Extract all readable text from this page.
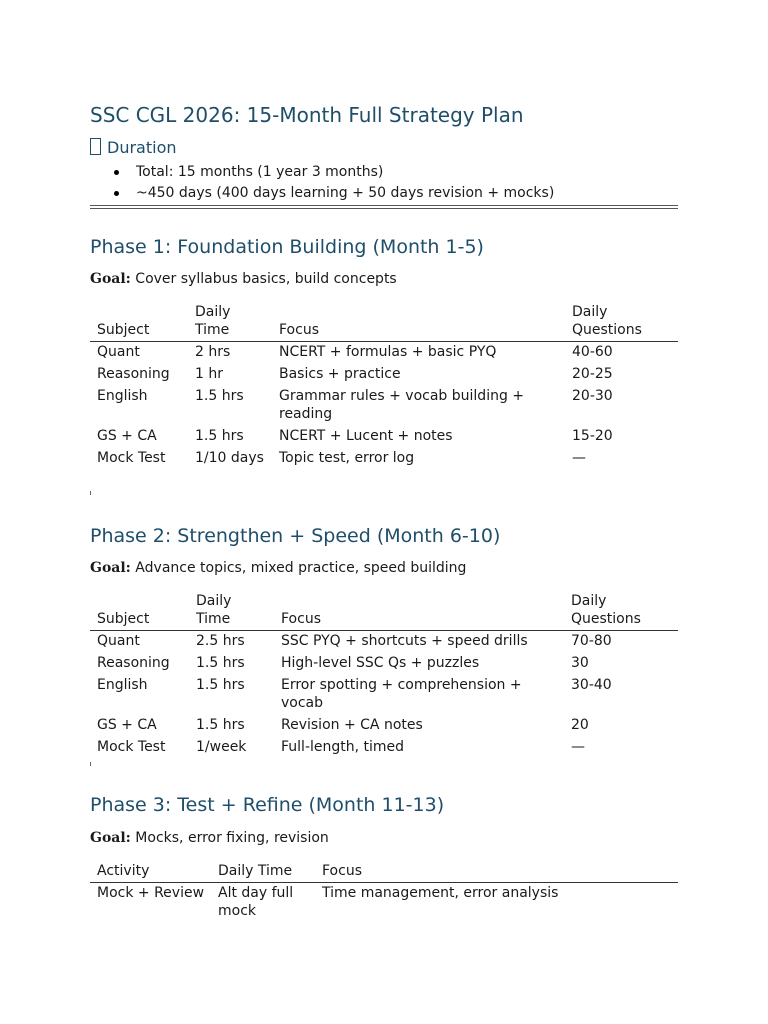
SSC CGL 2026: 15-Month Full Strategy Plan
Duration
Total: 15 months (1 year 3 months)
~450 days (400 days learning + 50 days revision + mocks)
Phase 1: Foundation Building (Month 1-5)
Goal: Cover syllabus basics, build concepts
Subject	Daily Time	Focus	Daily Questions
Quant	2 hrs	NCERT + formulas + basic PYQ	40-60
Reasoning	1 hr	Basics + practice	20-25
English	1.5 hrs	Grammar rules + vocab building + reading	20-30
GS + CA	1.5 hrs	NCERT + Lucent + notes	15-20
Mock Test	1/10 days	Topic test, error log	—
Phase 2: Strengthen + Speed (Month 6-10)
Goal: Advance topics, mixed practice, speed building
Subject	Daily Time	Focus	Daily Questions
Quant	2.5 hrs	SSC PYQ + shortcuts + speed drills	70-80
Reasoning	1.5 hrs	High-level SSC Qs + puzzles	30
English	1.5 hrs	Error spotting + comprehension + vocab	30-40
GS + CA	1.5 hrs	Revision + CA notes	20
Mock Test	1/week	Full-length, timed	—
Phase 3: Test + Refine (Month 11-13)
Goal: Mocks, error fixing, revision
Activity	Daily Time	Focus
Mock + Review	Alt day full mock	Time management, error analysis
